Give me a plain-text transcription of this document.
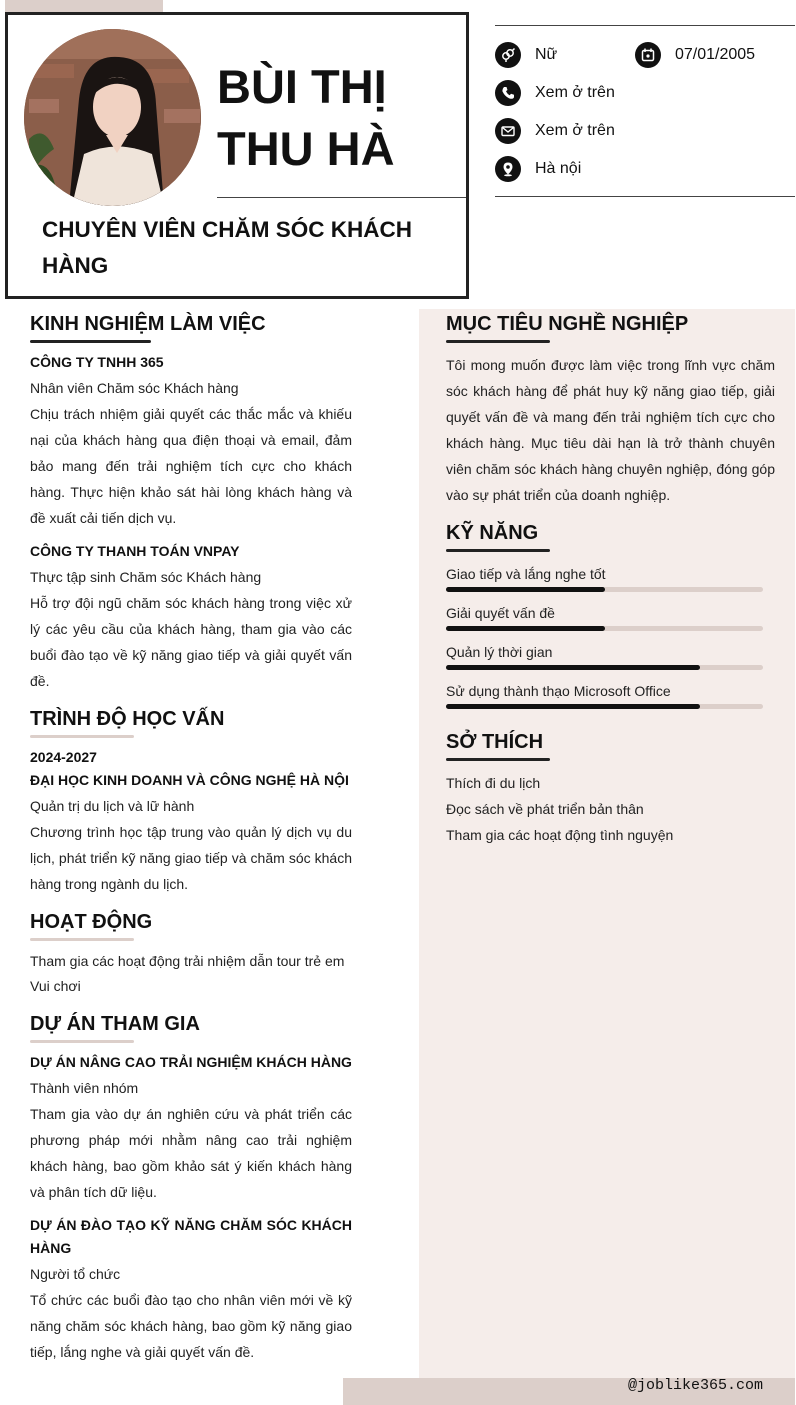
BÙI THỊ
THU HÀ
CHUYÊN VIÊN CHĂM SÓC KHÁCH HÀNG
Nữ	07/01/2005
Xem ở trên
Xem ở trên
Hà nội
KINH NGHIỆM LÀM VIỆC
CÔNG TY TNHH 365
Nhân viên Chăm sóc Khách hàng
Chịu trách nhiệm giải quyết các thắc mắc và khiếu nại của khách hàng qua điện thoại và email, đảm bảo mang đến trải nghiệm tích cực cho khách hàng. Thực hiện khảo sát hài lòng khách hàng và đề xuất cải tiến dịch vụ.
CÔNG TY THANH TOÁN VNPAY
Thực tập sinh Chăm sóc Khách hàng
Hỗ trợ đội ngũ chăm sóc khách hàng trong việc xử lý các yêu cầu của khách hàng, tham gia vào các buổi đào tạo về kỹ năng giao tiếp và giải quyết vấn đề.
TRÌNH ĐỘ HỌC VẤN
2024-2027
ĐẠI HỌC KINH DOANH VÀ CÔNG NGHỆ HÀ NỘI
Quản trị du lịch và lữ hành
Chương trình học tập trung vào quản lý dịch vụ du lịch, phát triển kỹ năng giao tiếp và chăm sóc khách hàng trong ngành du lịch.
HOẠT ĐỘNG
Tham gia các hoạt động trải nhiệm dẫn tour trẻ em
Vui chơi
DỰ ÁN THAM GIA
DỰ ÁN NÂNG CAO TRẢI NGHIỆM KHÁCH HÀNG
Thành viên nhóm
Tham gia vào dự án nghiên cứu và phát triển các phương pháp mới nhằm nâng cao trải nghiệm khách hàng, bao gồm khảo sát ý kiến khách hàng và phân tích dữ liệu.
DỰ ÁN ĐÀO TẠO KỸ NĂNG CHĂM SÓC KHÁCH HÀNG
Người tổ chức
Tổ chức các buổi đào tạo cho nhân viên mới về kỹ năng chăm sóc khách hàng, bao gồm kỹ năng giao tiếp, lắng nghe và giải quyết vấn đề.
MỤC TIÊU NGHỀ NGHIỆP
Tôi mong muốn được làm việc trong lĩnh vực chăm sóc khách hàng để phát huy kỹ năng giao tiếp, giải quyết vấn đề và mang đến trải nghiệm tích cực cho khách hàng. Mục tiêu dài hạn là trở thành chuyên viên chăm sóc khách hàng chuyên nghiệp, đóng góp vào sự phát triển của doanh nghiệp.
KỸ NĂNG
Giao tiếp và lắng nghe tốt
Giải quyết vấn đề
Quản lý thời gian
Sử dụng thành thạo Microsoft Office
SỞ THÍCH
Thích đi du lịch
Đọc sách về phát triển bản thân
Tham gia các hoạt động tình nguyện
@joblike365.com
